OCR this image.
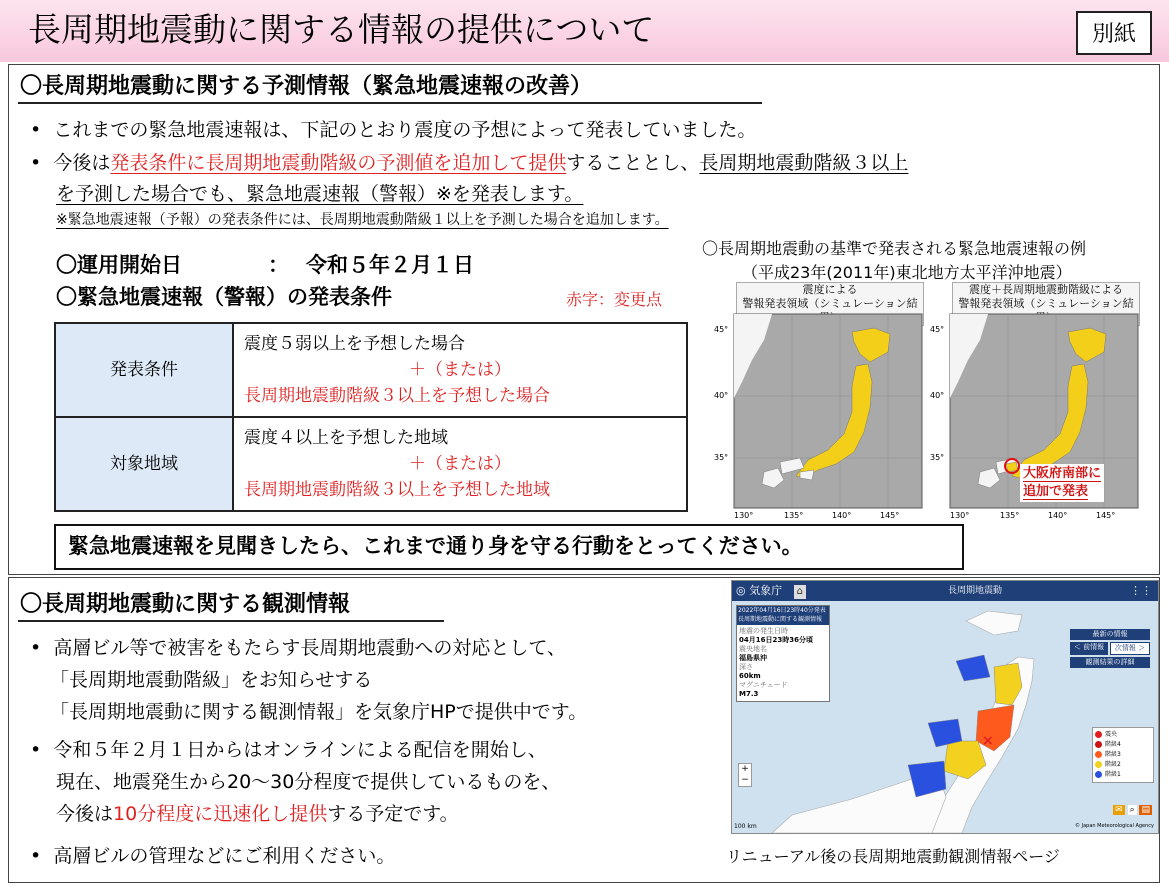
長周期地震動に関する情報の提供について	別紙
〇長周期地震動に関する予測情報（緊急地震速報の改善）
• これまでの緊急地震速報は、下記のとおり震度の予想によって発表していました。
• 今後は発表条件に長周期地震動階級の予測値を追加して提供することとし、長周期地震動階級３以上
を予測した場合でも、緊急地震速報（警報）※を発表します。
※緊急地震速報（予報）の発表条件には、長周期地震動階級１以上を予測した場合を追加します。
〇運用開始日	： 令和５年２月１日
〇緊急地震速報（警報）の発表条件	赤字：変更点
発表条件	震度５弱以上を予想した場合
＋（または）
長周期地震動階級３以上を予想した場合

対象地域	震度４以上を予想した地域
＋（または）
長周期地震動階級３以上を予想した地域
緊急地震速報を見聞きしたら、これまで通り身を守る行動をとってください。
〇長周期地震動の基準で発表される緊急地震速報の例
（平成23年(2011年)東北地方太平洋沖地震）
震度による
警報発表領域（シミュレーション結
震度＋長周期地震動階級による
警報発表領域（シミュレーション結
45°
40°
35°
130°	135°	140°	145°
45°
40°
35°
130°	135°	140°	145°
大阪府南部に
追加で発表
〇長周期地震動に関する観測情報
• 高層ビル等で被害をもたらす長周期地震動への対応として、
「長周期地震動階級」をお知らせする
「長周期地震動に関する観測情報」を気象庁HPで提供中です。
• 令和５年２月１日からはオンラインによる配信を開始し、
現在、地震発生から20～30分程度で提供しているものを、
今後は10分程度に迅速化し提供する予定です。
• 高層ビルの管理などにご利用ください。
◎ 気象庁 ⌂	長周期地震動	⋮⋮
×
2022年04月16日23時40分発表
長周期地震動に関する観測情報
地震の発生日時
04月16日23時36分頃
震央地名
福島県沖
深さ
60km
マグニチュード
M7.3
最新の情報
＜ 前情報	次情報 ＞
観測結果の詳細
+
−
震央
階級4
階級3
階級2
階級1
✉ ⌕ ▤
100 km	© Japan Meteorological Agency
リニューアル後の長周期地震動観測情報ページ
